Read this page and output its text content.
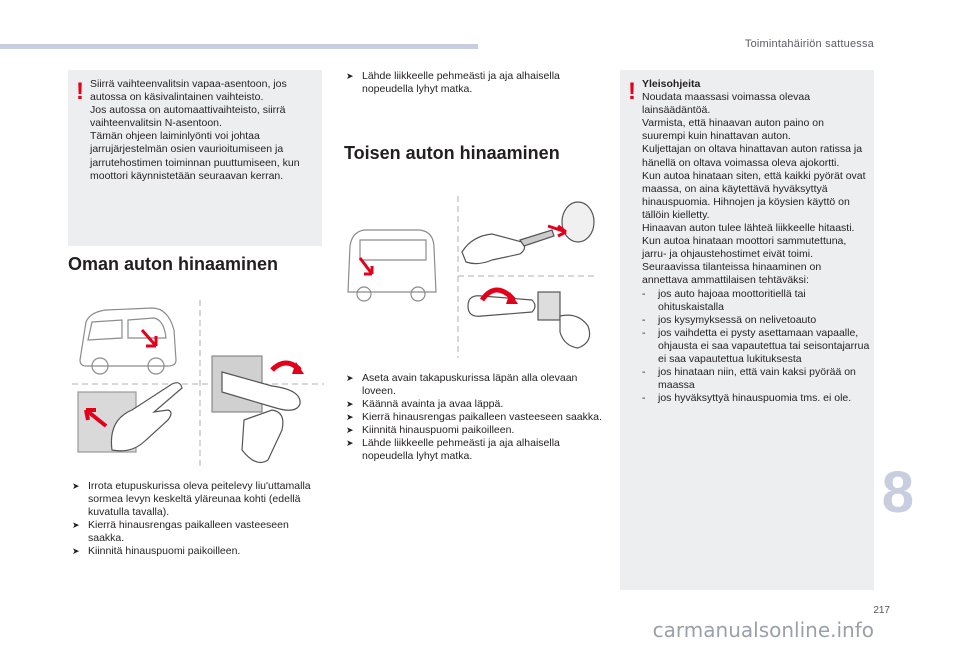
Toimintahäiriön sattuessa
! Siirrä vaihteenvalitsin vapaa-asentoon, jos autossa on käsivalintainen vaihteisto.

Jos autossa on automaattivaihteisto, siirrä vaihteenvalitsin N-asentoon.

Tämän ohjeen laiminlyönti voi johtaa jarrujärjestelmän osien vaurioitumiseen ja jarrutehostimen toiminnan puuttumiseen, kun moottori käynnistetään seuraavan kerran.

Oman auton hinaaminen
➤ Irrota etupuskurissa oleva peitelevy liu'uttamalla sormea levyn keskeltä yläreunaa kohti (edellä kuvatulla tavalla).
➤ Kierrä hinausrengas paikalleen vasteeseen saakka.
➤ Kiinnitä hinauspuomi paikoilleen.
➤ Lähde liikkeelle pehmeästi ja aja alhaisella nopeudella lyhyt matka.
Toisen auton hinaaminen
➤ Aseta avain takapuskurissa läpän alla olevaan loveen.
➤ Käännä avainta ja avaa läppä.
➤ Kierrä hinausrengas paikalleen vasteeseen saakka.
➤ Kiinnitä hinauspuomi paikoilleen.
➤ Lähde liikkeelle pehmeästi ja aja alhaisella nopeudella lyhyt matka.
! Yleisohjeita

Noudata maassasi voimassa olevaa lainsäädäntöä.

Varmista, että hinaavan auton paino on suurempi kuin hinattavan auton.

Kuljettajan on oltava hinattavan auton ratissa ja hänellä on oltava voimassa oleva ajokortti.

Kun autoa hinataan siten, että kaikki pyörät ovat maassa, on aina käytettävä hyväksyttyä hinauspuomia. Hihnojen ja köysien käyttö on tällöin kielletty.

Hinaavan auton tulee lähteä liikkeelle hitaasti.

Kun autoa hinataan moottori sammutettuna, jarru- ja ohjaustehostimet eivät toimi.

Seuraavissa tilanteissa hinaaminen on annettava ammattilaisen tehtäväksi:

- jos auto hajoaa moottoritiellä tai ohituskaistalla
- jos kysymyksessä on nelivetoauto
- jos vaihdetta ei pysty asettamaan vapaalle, ohjausta ei saa vapautettua tai seisontajarrua ei saa vapautettua lukituksesta
- jos hinataan niin, että vain kaksi pyörää on maassa
- jos hyväksyttyä hinauspuomia tms. ei ole.
8
217
carmanualsonline.info
